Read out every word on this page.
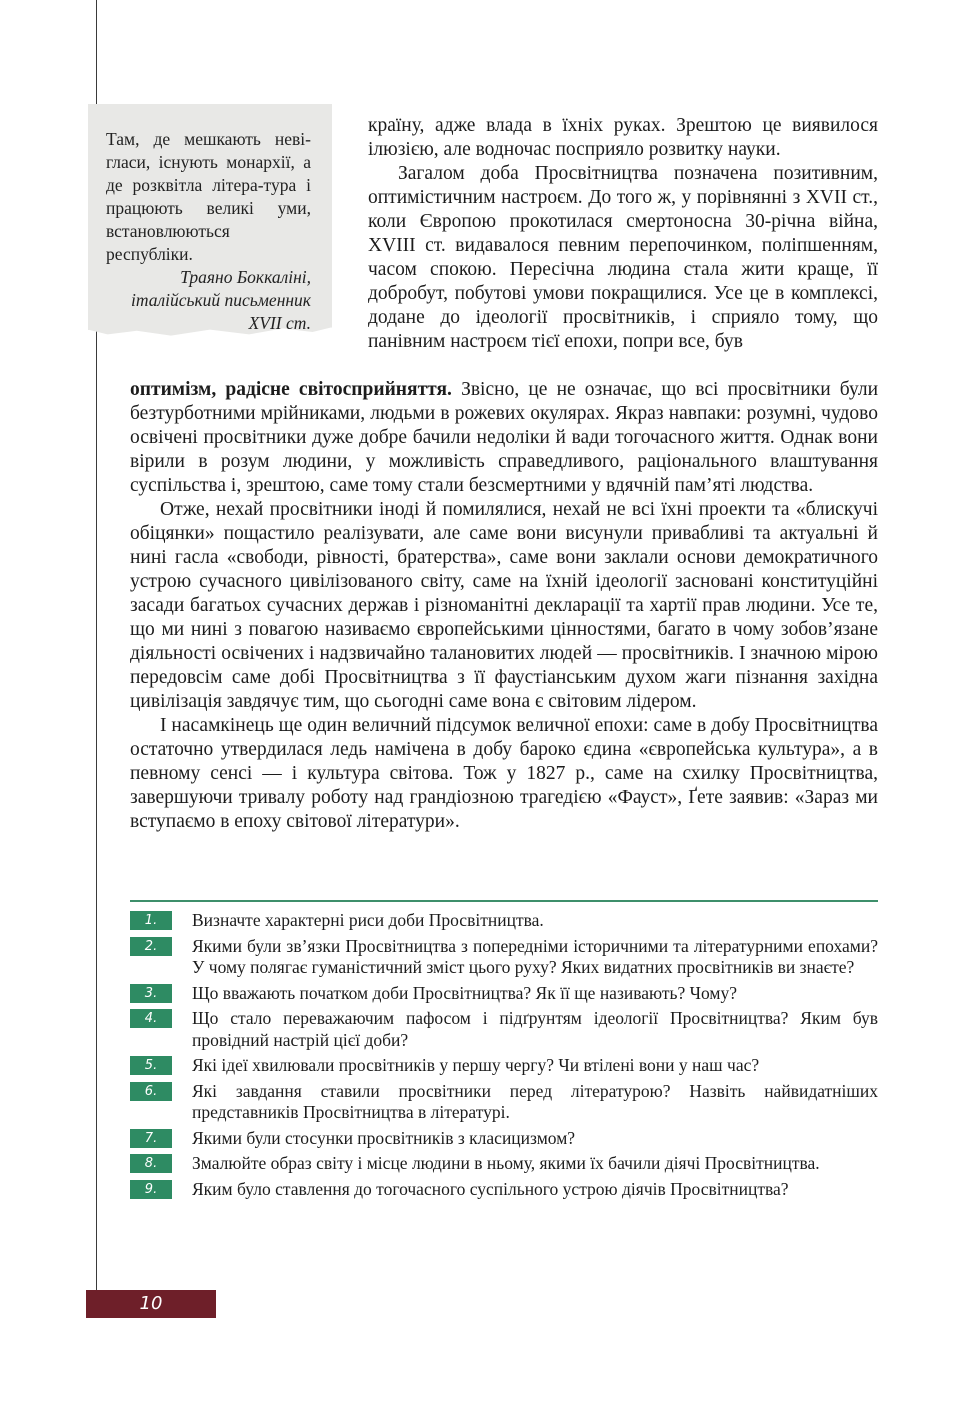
Там, де мешкають неві-гласи, існують монархії, а де розквітла літера-тура і працюють великі уми, встановлюються республіки.

Траяно Боккаліні, італійський письменник XVII ст.

країну, адже влада в їхніх руках. Зрештою це виявилося ілюзією, але водночас посприяло розвитку науки.

Загалом доба Просвітництва позначена позитивним, оптимістичним настроєм. До того ж, у порівнянні з XVII ст., коли Європою прокотилася смертоносна 30-річна війна, XVIII ст. видавалося певним перепочинком, поліпшенням, часом спокою. Пересічна людина стала жити краще, її добробут, побутові умови покращилися. Усе це в комплексі, додане до ідеології просвітників, і сприяло тому, що панівним настроєм тієї епохи, попри все, був

оптимізм, радісне світосприйняття. Звісно, це не означає, що всі просвітники були безтурботними мрійниками, людьми в рожевих окулярах. Якраз навпаки: розумні, чудово освічені просвітники дуже добре бачили недоліки й вади тогочасного життя. Однак вони вірили в розум людини, у можливість справедливого, раціонального влаштування суспільства і, зрештою, саме тому стали безсмертними у вдячній пам’яті людства.

Отже, нехай просвітники іноді й помилялися, нехай не всі їхні проекти та «блискучі обіцянки» пощастило реалізувати, але саме вони висунули привабливі та актуальні й нині гасла «свободи, рівності, братерства», саме вони заклали основи демократичного устрою сучасного цивілізованого світу, саме на їхній ідеології засновані конституційні засади багатьох сучасних держав і різноманітні декларації та хартії прав людини. Усе те, що ми нині з повагою називаємо європейськими цінностями, багато в чому зобов’язане діяльності освічених і надзвичайно талановитих людей — просвітників. І значною мірою передовсім саме добі Просвітництва з її фаустіанським духом жаги пізнання західна цивілізація завдячує тим, що сьогодні саме вона є світовим лідером.

І насамкінець ще один величний підсумок величної епохи: саме в добу Просвітництва остаточно утвердилася ледь намічена в добу бароко єдина «європейська культура», а в певному сенсі — і культура світова. Тож у 1827 р., саме на схилку Просвітництва, завершуючи тривалу роботу над грандіозною трагедією «Фауст», Ґете заявив: «Зараз ми вступаємо в епоху світової літератури».

1.	Визначте характерні риси доби Просвітництва.
2.	Якими були зв’язки Просвітництва з попередніми історичними та літературними епохами? У чому полягає гуманістичний зміст цього руху? Яких видатних просвітників ви знаєте?
3.	Що вважають початком доби Просвітництва? Як її ще називають? Чому?
4.	Що стало переважаючим пафосом і підґрунтям ідеології Просвітництва? Яким був провідний настрій цієї доби?
5.	Які ідеї хвилювали просвітників у першу чергу? Чи втілені вони у наш час?
6.	Які завдання ставили просвітники перед літературою? Назвіть найвидатніших представників Просвітництва в літературі.
7.	Якими були стосунки просвітників з класицизмом?
8.	Змалюйте образ світу і місце людини в ньому, якими їх бачили діячі Просвітництва.
9.	Яким було ставлення до тогочасного суспільного устрою діячів Просвітництва?
10
